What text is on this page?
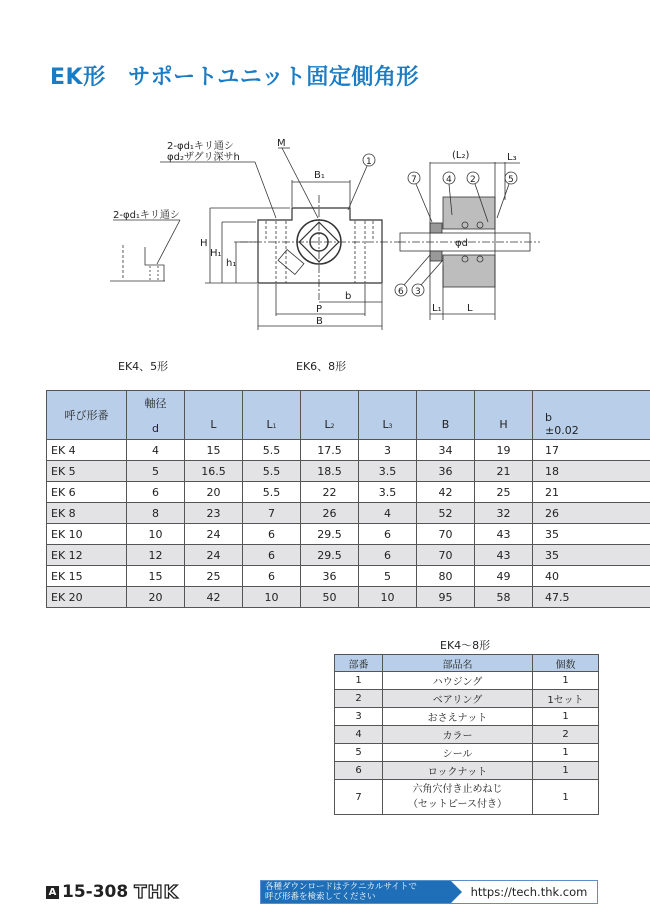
EK形　サポートユニット固定側角形
2-φd₁キリ通シ
φd₂ザグリ深サh
M
B₁
H
H₁
h₁
b
P
B
2-φd₁キリ通シ
1
(L₂)	L₃
φd
L₁	L
7	4 2	5
6 3
EK4、5形	EK6、8形
呼び形番	
軸径
d	L	L1	L2	L3	B	H

b
±0.02

EK 4	4	15	5.5	17.5	3	34	19	17
EK 5	5	16.5	5.5	18.5	3.5	36	21	18
EK 6	6	20	5.5	22	3.5	42	25	21
EK 8	8	23	7	26	4	52	32	26
EK 10	10	24	6	29.5	6	70	43	35
EK 12	12	24	6	29.5	6	70	43	35
EK 15	15	25	6	36	5	80	49	40
EK 20	20	42	10	50	10	95	58	47.5
EK4～8形
部番	部品名	個数
1	ハウジング	1
2	ベアリング	1セット
3	おさえナット	1
4	カラー	2
5	シール	1
6	ロックナット	1
7	六角穴付き止めねじ
（セットピース付き）	1
A 15-308 THK	各種ダウンロードはテクニカルサイトで
呼び形番を検索してください	https://tech.thk.com
